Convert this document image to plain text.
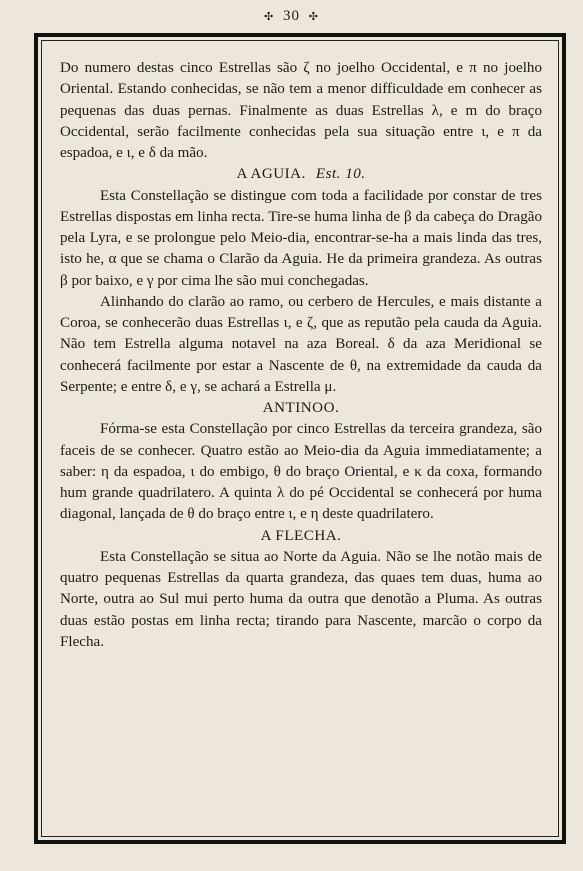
✣ 30 ✣

Do numero destas cinco Estrellas são ζ no joelho Occidental, e π no joelho Oriental. Estando conhecidas, se não tem a menor difficuldade em conhecer as pequenas das duas pernas. Finalmente as duas Estrellas λ, e m do braço Occidental, serão facilmente conhecidas pela sua situação entre ι, e π da espadoa, e ι, e δ da mão.

A AGUIA. Est. 10.

Esta Constellação se distingue com toda a facilidade por constar de tres Estrellas dispostas em linha recta. Tire-se huma linha de β da cabeça do Dragão pela Lyra, e se prolongue pelo Meio-dia, encontrar-se-ha a mais linda das tres, isto he, α que se chama o Clarão da Aguia. He da primeira grandeza. As outras β por baixo, e γ por cima lhe são mui conchegadas.

Alinhando do clarão ao ramo, ou cerbero de Hercules, e mais distante a Coroa, se conhecerão duas Estrellas ι, e ζ, que as reputão pela cauda da Aguia. Não tem Estrella alguma notavel na aza Boreal. δ da aza Meridional se conhecerá facilmente por estar a Nascente de θ, na extremidade da cauda da Serpente; e entre δ, e γ, se achará a Estrella μ.

ANTINOO.

Fórma-se esta Constellação por cinco Estrellas da terceira grandeza, são faceis de se conhecer. Quatro estão ao Meio-dia da Aguia immediatamente; a saber: η da espadoa, ι do embigo, θ do braço Oriental, e κ da coxa, formando hum grande quadrilatero. A quinta λ do pé Occidental se conhecerá por huma diagonal, lançada de θ do braço entre ι, e η deste quadrilatero.

A FLECHA.

Esta Constellação se situa ao Norte da Aguia. Não se lhe notão mais de quatro pequenas Estrellas da quarta grandeza, das quaes tem duas, huma ao Norte, outra ao Sul mui perto huma da outra que denotão a Pluma. As outras duas estão postas em linha recta; tirando para Nascente, marcão o corpo da Flecha.
